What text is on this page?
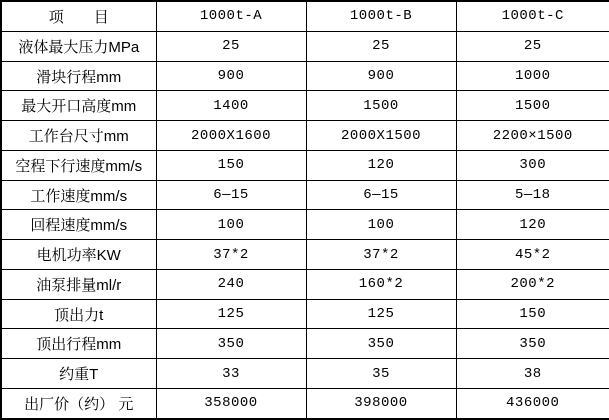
项　　目	1000t-A	1000t-B	1000t-C
液体最大压力MPa	25	25	25
滑块行程mm	900	900	1000
最大开口高度mm	1400	1500	1500
工作台尺寸mm	2000X1600	2000X1500	2200×1500
空程下行速度mm/s	150	120	300
工作速度mm/s	6—15	6—15	5—18
回程速度mm/s	100	100	120
电机功率KW	37*2	37*2	45*2
油泵排量ml/r	240	160*2	200*2
顶出力t	125	125	150
顶出行程mm	350	350	350
约重T	33	35	38
出厂价（约） 元	358000	398000	436000
